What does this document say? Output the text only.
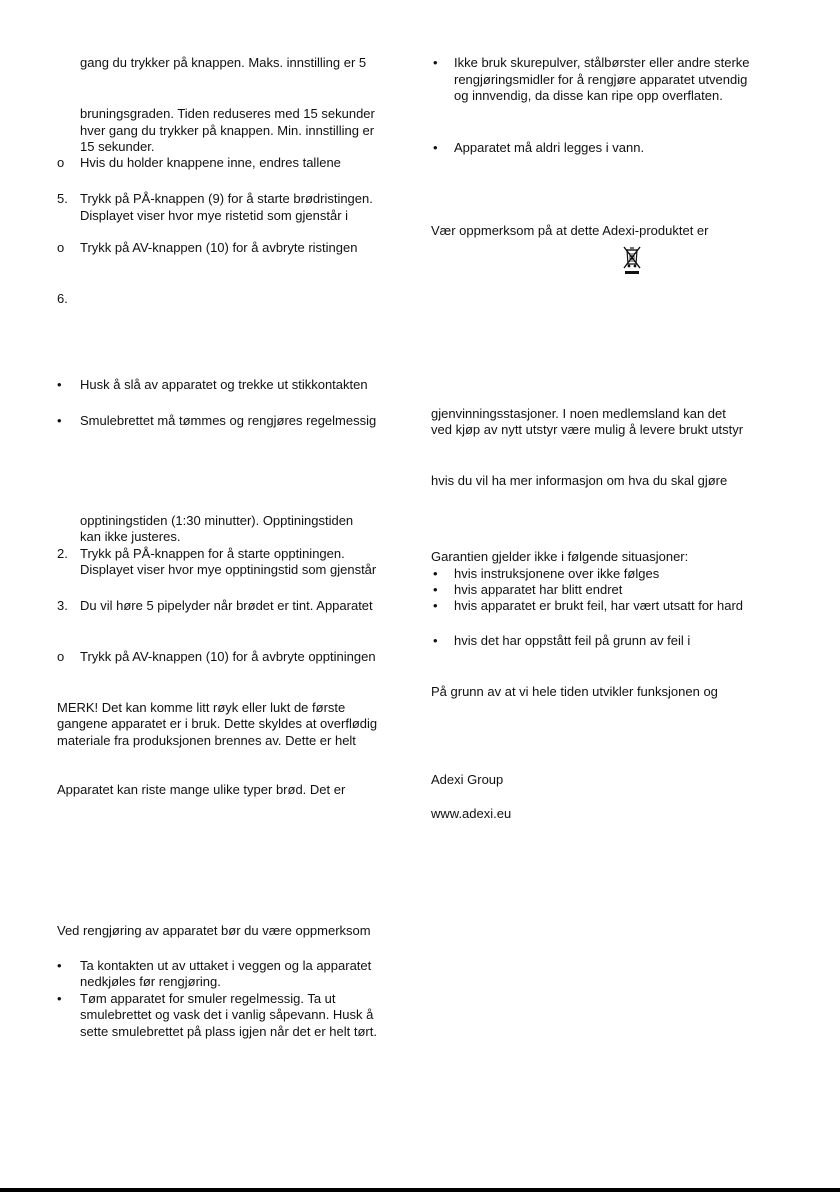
gang du trykker på knappen. Maks. innstilling er 5
bruningsgraden. Tiden reduseres med 15 sekunder
hver gang du trykker på knappen. Min. innstilling er
15 sekunder.
o Hvis du holder knappene inne, endres tallene
5. Trykk på PÅ-knappen (9) for å starte brødristingen.
Displayet viser hvor mye ristetid som gjenstår i
o Trykk på AV-knappen (10) for å avbryte ristingen
6.
• Husk å slå av apparatet og trekke ut stikkontakten
• Smulebrettet må tømmes og rengjøres regelmessig
opptiningstiden (1:30 minutter). Opptiningstiden
kan ikke justeres.
2. Trykk på PÅ-knappen for å starte opptiningen.
Displayet viser hvor mye opptiningstid som gjenstår
3. Du vil høre 5 pipelyder når brødet er tint. Apparatet
o Trykk på AV-knappen (10) for å avbryte opptiningen
MERK! Det kan komme litt røyk eller lukt de første
gangene apparatet er i bruk. Dette skyldes at overflødig
materiale fra produksjonen brennes av. Dette er helt
Apparatet kan riste mange ulike typer brød. Det er
Ved rengjøring av apparatet bør du være oppmerksom
• Ta kontakten ut av uttaket i veggen og la apparatet
nedkjøles før rengjøring.
• Tøm apparatet for smuler regelmessig. Ta ut
smulebrettet og vask det i vanlig såpevann. Husk å
sette smulebrettet på plass igjen når det er helt tørt.
• Ikke bruk skurepulver, stålbørster eller andre sterke
rengjøringsmidler for å rengjøre apparatet utvendig
og innvendig, da disse kan ripe opp overflaten.
• Apparatet må aldri legges i vann.
Vær oppmerksom på at dette Adexi-produktet er
gjenvinningsstasjoner. I noen medlemsland kan det
ved kjøp av nytt utstyr være mulig å levere brukt utstyr
hvis du vil ha mer informasjon om hva du skal gjøre
Garantien gjelder ikke i følgende situasjoner:
• hvis instruksjonene over ikke følges
• hvis apparatet har blitt endret
• hvis apparatet er brukt feil, har vært utsatt for hard
• hvis det har oppstått feil på grunn av feil i
På grunn av at vi hele tiden utvikler funksjonen og
Adexi Group
www.adexi.eu
